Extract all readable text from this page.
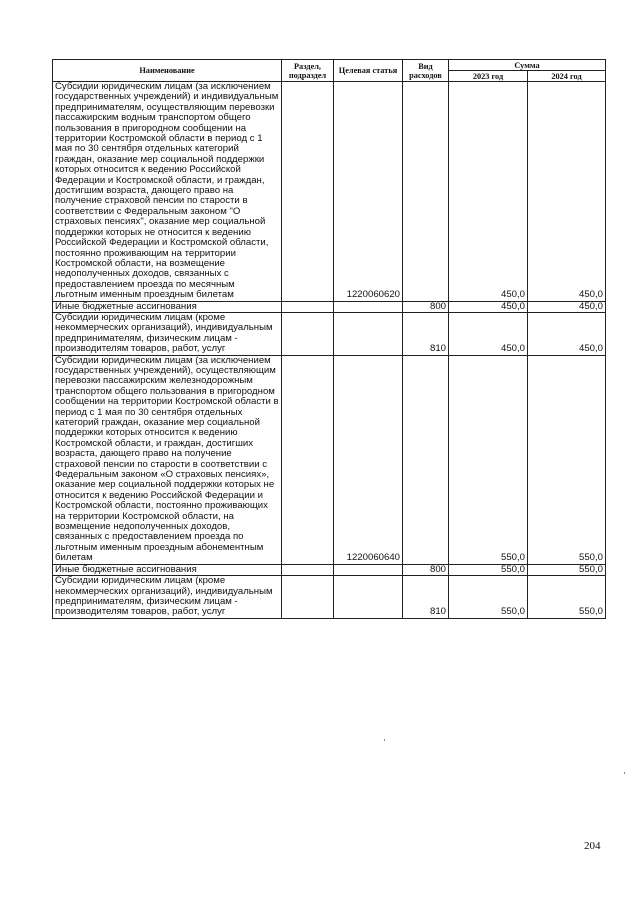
Наименование	Раздел, подраздел	Целевая статья	Вид расходов	Сумма	
				2023 год	2024 год
Субсидии юридическим лицам (за исключением государственных учреждений) и индивидуальным предпринимателям, осуществляющим перевозки пассажирским водным транспортом общего пользования в пригородном сообщении на территории Костромской области в период с 1 мая по 30 сентября отдельных категорий граждан, оказание мер социальной поддержки которых относится к ведению Российской Федерации и Костромской области, и граждан, достигшим возраста, дающего право на получение страховой пенсии по старости в соответствии с Федеральным законом "О страховых пенсиях", оказание мер социальной поддержки которых не относится к ведению Российской Федерации и Костромской области, постоянно проживающим на территории Костромской области, на возмещение недополученных доходов, связанных с предоставлением проезда по месячным льготным именным проездным билетам		1220060620		450,0	450,0
Иные бюджетные ассигнования			800	450,0	450,0
Субсидии юридическим лицам (кроме некоммерческих организаций), индивидуальным предпринимателям, физическим лицам - производителям товаров, работ, услуг			810	450,0	450,0
Субсидии юридическим лицам (за исключением государственных учреждений), осуществляющим перевозки пассажирским железнодорожным транспортом общего пользования в пригородном сообщении на территории Костромской области в период с 1 мая по 30 сентября отдельных категорий граждан, оказание мер социальной поддержки которых относится к ведению Костромской области, и граждан, достигших возраста, дающего право на получение страховой пенсии по старости в соответствии с Федеральным законом «О страховых пенсиях», оказание мер социальной поддержки которых не относится к ведению Российской Федерации и Костромской области, постоянно проживающих на территории Костромской области, на возмещение недополученных доходов, связанных с предоставлением проезда по льготным именным проездным абонементным билетам		1220060640		550,0	550,0
Иные бюджетные ассигнования			800	550,0	550,0
Субсидии юридическим лицам (кроме некоммерческих организаций), индивидуальным предпринимателям, физическим лицам - производителям товаров, работ, услуг			810	550,0	550,0
204
